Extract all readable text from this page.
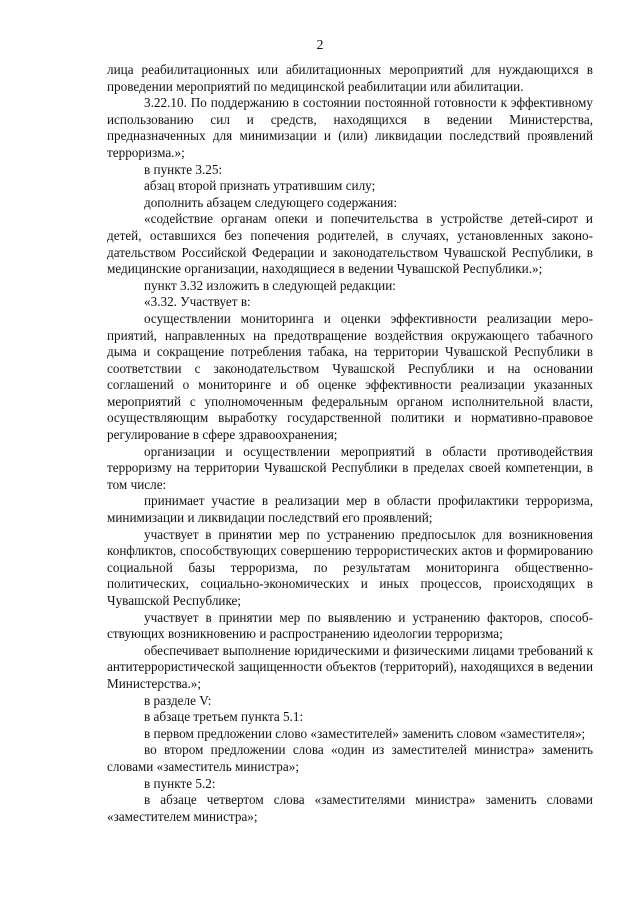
2

лица реабилитационных или абилитационных мероприятий для нуждающихся в проведении мероприятий по медицинской реабилитации или абилитации.

3.22.10. По поддержанию в состоянии постоянной готовности к эффективному использованию сил и средств, находящихся в ведении Министерства, предназначенных для минимизации и (или) ликвидации последствий проявлений терроризма.»;

в пункте 3.25:

абзац второй признать утратившим силу;

дополнить абзацем следующего содержания:

«содействие органам опеки и попечительства в устройстве детей-сирот и детей, оставшихся без попечения родителей, в случаях, установленных законодательством Российской Федерации и законодательством Чувашской Республики, в медицинские организации, находящиеся в ведении Чувашской Республики.»;

пункт 3.32 изложить в следующей редакции:

«3.32. Участвует в:

осуществлении мониторинга и оценки эффективности реализации мероприятий, направленных на предотвращение воздействия окружающего табачного дыма и сокращение потребления табака, на территории Чувашской Республики в соответствии с законодательством Чувашской Республики и на основании соглашений о мониторинге и об оценке эффективности реализации указанных мероприятий с уполномоченным федеральным органом исполнительной власти, осуществляющим выработку государственной политики и нормативно-правовое регулирование в сфере здравоохранения;

организации и осуществлении мероприятий в области противодействия терроризму на территории Чувашской Республики в пределах своей компетенции, в том числе:

принимает участие в реализации мер в области профилактики терроризма, минимизации и ликвидации последствий его проявлений;

участвует в принятии мер по устранению предпосылок для возникновения конфликтов, способствующих совершению террористических актов и формированию социальной базы терроризма, по результатам мониторинга общественно-политических, социально-экономических и иных процессов, происходящих в Чувашской Республике;

участвует в принятии мер по выявлению и устранению факторов, способствующих возникновению и распространению идеологии терроризма;

обеспечивает выполнение юридическими и физическими лицами требований к антитеррористической защищенности объектов (территорий), находящихся в ведении Министерства.»;

в разделе V:

в абзаце третьем пункта 5.1:

в первом предложении слово «заместителей» заменить словом «заместителя»;

во втором предложении слова «один из заместителей министра» заменить словами «заместитель министра»;

в пункте 5.2:

в абзаце четвертом слова «заместителями министра» заменить словами «заместителем министра»;
